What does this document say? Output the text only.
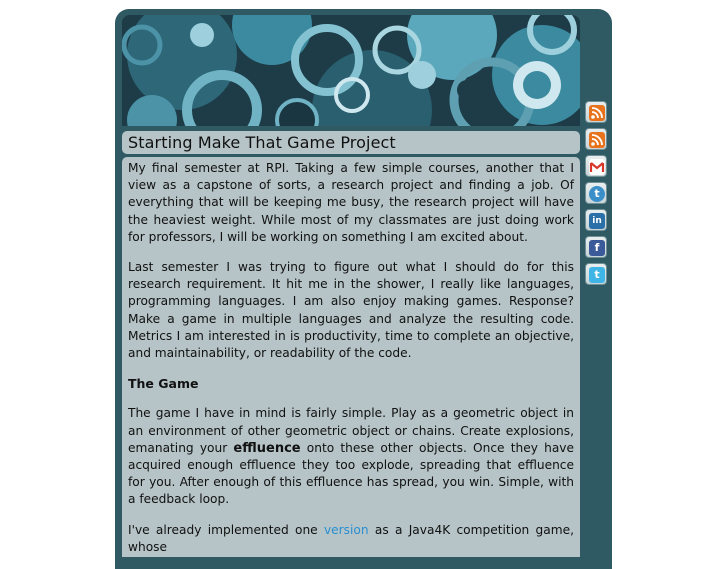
Starting Make That Game Project

My final semester at RPI. Taking a few simple courses, another that I view as a capstone of sorts, a research project and finding a job. Of everything that will be keeping me busy, the research project will have the heaviest weight. While most of my classmates are just doing work for professors, I will be working on something I am excited about.

Last semester I was trying to figure out what I should do for this research requirement. It hit me in the shower, I really like languages, programming languages. I am also enjoy making games. Response? Make a game in multiple languages and analyze the resulting code. Metrics I am interested in is productivity, time to complete an objective, and maintainability, or readability of the code.

The Game

The game I have in mind is fairly simple. Play as a geometric object in an environment of other geometric object or chains. Create explosions, emanating your effluence onto these other objects. Once they have acquired enough effluence they too explode, spreading that effluence for you. After enough of this effluence has spread, you win. Simple, with a feedback loop.

I've already implemented one version as a Java4K competition game, whose

t
in
f
t
